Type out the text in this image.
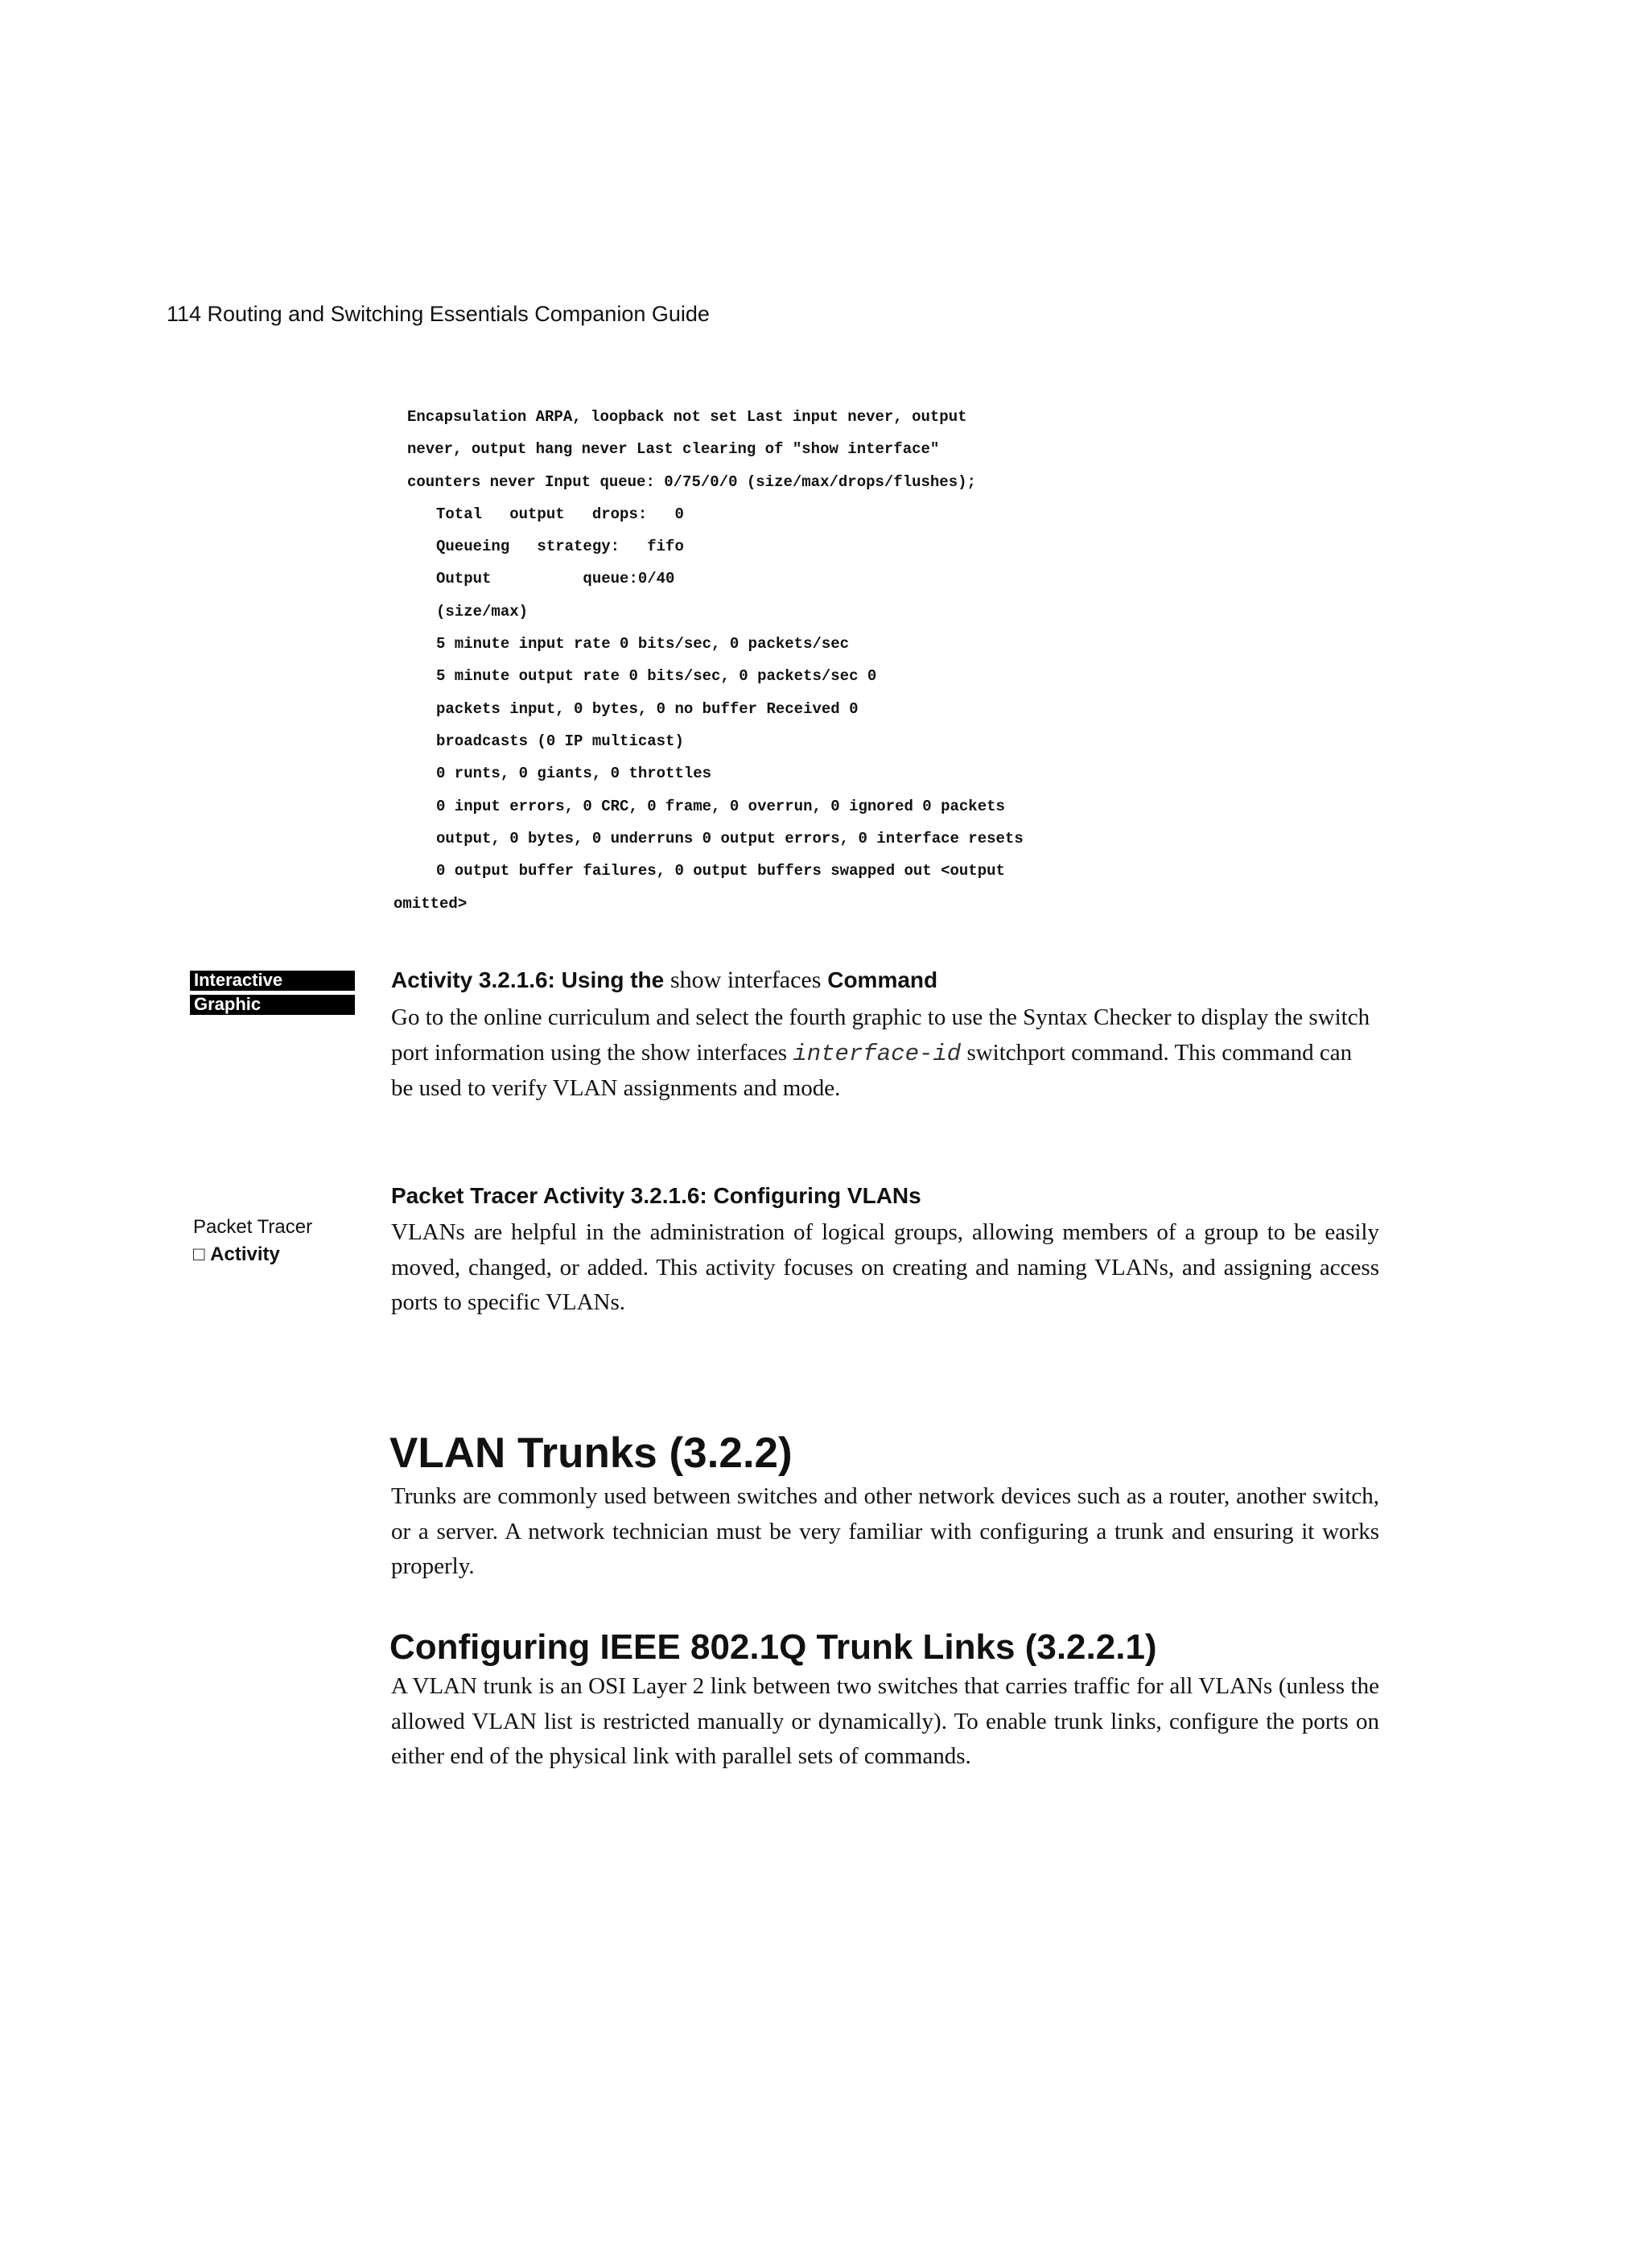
114 Routing and Switching Essentials Companion Guide
Encapsulation ARPA, loopback not set Last input never, output
never, output hang never Last clearing of "show interface"
counters never Input queue: 0/75/0/0 (size/max/drops/flushes);
Total   output   drops:   0
Queueing   strategy:   fifo
Output          queue:0/40
(size/max)
5 minute input rate 0 bits/sec, 0 packets/sec
5 minute output rate 0 bits/sec, 0 packets/sec 0
packets input, 0 bytes, 0 no buffer Received 0
broadcasts (0 IP multicast)
0 runts, 0 giants, 0 throttles
0 input errors, 0 CRC, 0 frame, 0 overrun, 0 ignored 0 packets
output, 0 bytes, 0 underruns 0 output errors, 0 interface resets
0 output buffer failures, 0 output buffers swapped out <output
omitted>
Interactive
Graphic
Activity 3.2.1.6: Using the show interfaces Command

Go to the online curriculum and select the fourth graphic to use the Syntax Checker to display the switch port information using the show interfaces interface-id switchport command. This command can be used to verify VLAN assignments and mode.

Packet Tracer
□ Activity
Packet Tracer Activity 3.2.1.6: Configuring VLANs

VLANs are helpful in the administration of logical groups, allowing members of a group to be easily moved, changed, or added. This activity focuses on creating and naming VLANs, and assigning access ports to specific VLANs.

VLAN Trunks (3.2.2)

Trunks are commonly used between switches and other network devices such as a router, another switch, or a server. A network technician must be very familiar with configuring a trunk and ensuring it works properly.

Configuring IEEE 802.1Q Trunk Links (3.2.2.1)

A VLAN trunk is an OSI Layer 2 link between two switches that carries traffic for all VLANs (unless the allowed VLAN list is restricted manually or dynamically). To enable trunk links, configure the ports on either end of the physical link with parallel sets of commands.
